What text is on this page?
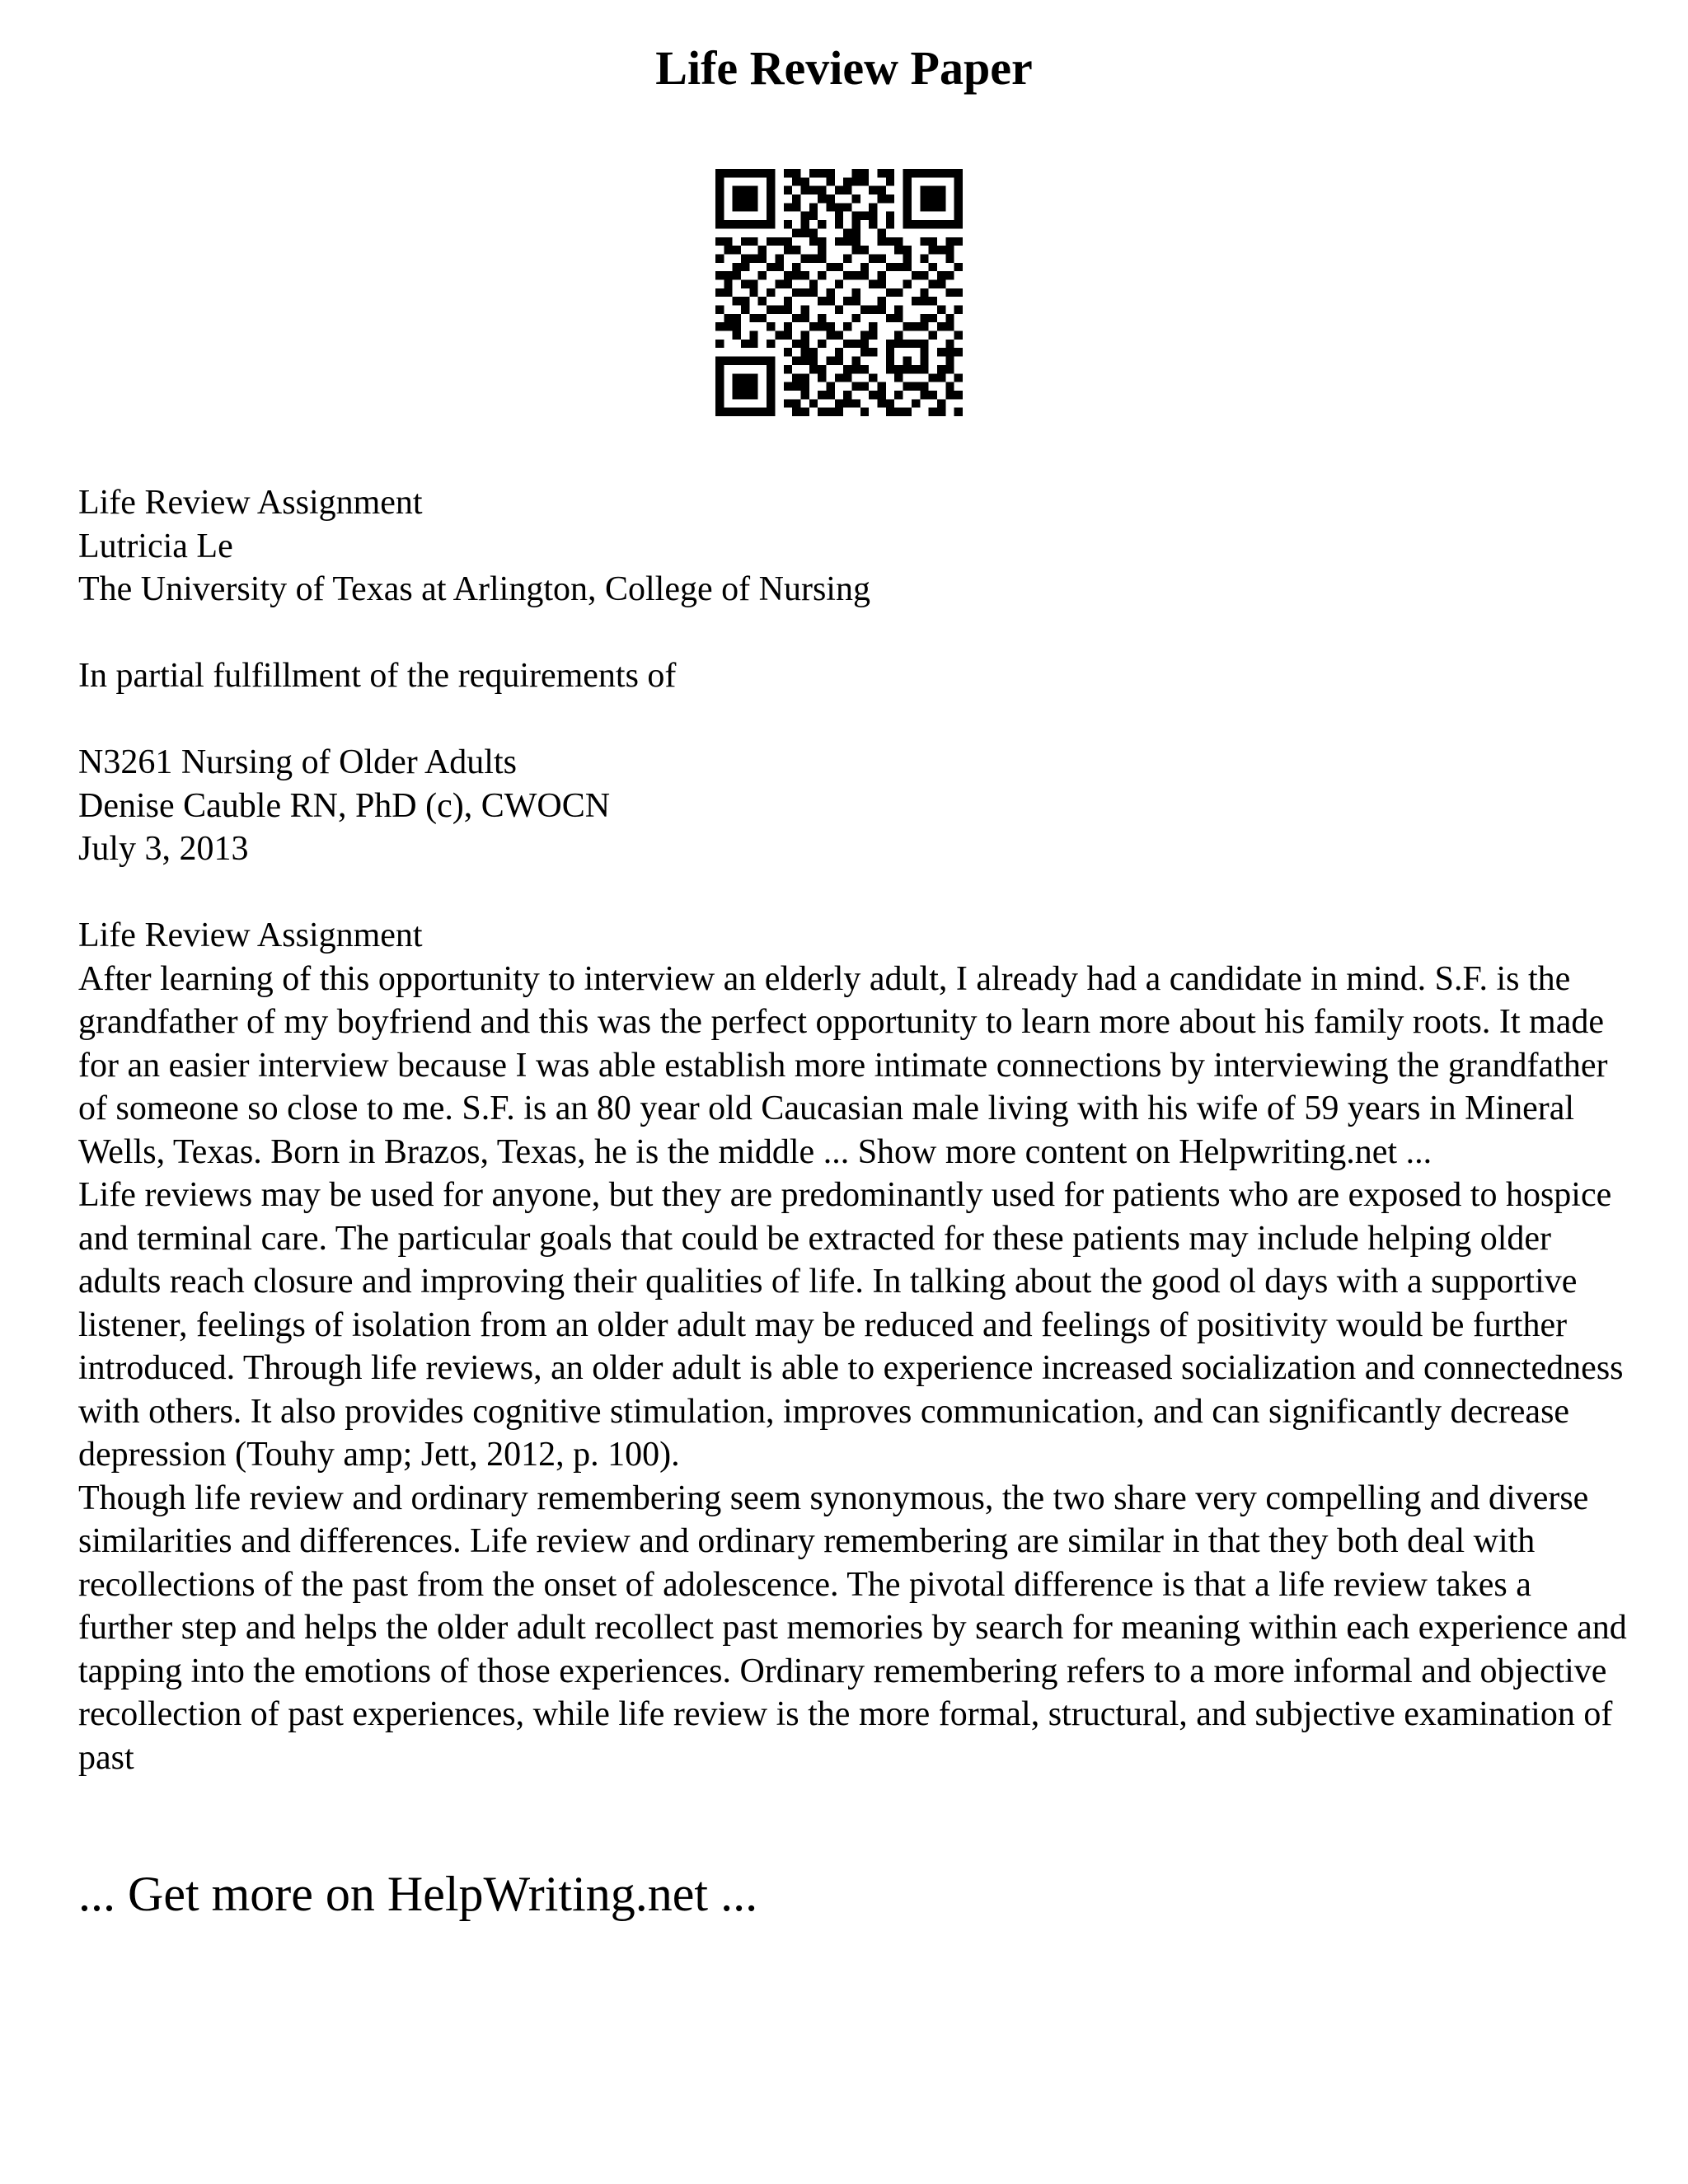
Life Review Paper
Life Review Assignment
Lutricia Le
The University of Texas at Arlington, College of Nursing
In partial fulfillment of the requirements of
N3261 Nursing of Older Adults
Denise Cauble RN, PhD (c), CWOCN
July 3, 2013
Life Review Assignment

After learning of this opportunity to interview an elderly adult, I already had a candidate in mind. S.F. is the grandfather of my boyfriend and this was the perfect opportunity to learn more about his family roots. It made for an easier interview because I was able establish more intimate connections by interviewing the grandfather of someone so close to me. S.F. is an 80 year old Caucasian male living with his wife of 59 years in Mineral Wells, Texas. Born in Brazos, Texas, he is the middle ... Show more content on Helpwriting.net ...

Life reviews may be used for anyone, but they are predominantly used for patients who are exposed to hospice and terminal care. The particular goals that could be extracted for these patients may include helping older adults reach closure and improving their qualities of life. In talking about the good ol days with a supportive listener, feelings of isolation from an older adult may be reduced and feelings of positivity would be further introduced. Through life reviews, an older adult is able to experience increased socialization and connectedness with others. It also provides cognitive stimulation, improves communication, and can significantly decrease depression (Touhy amp; Jett, 2012, p. 100).

Though life review and ordinary remembering seem synonymous, the two share very compelling and diverse similarities and differences. Life review and ordinary remembering are similar in that they both deal with recollections of the past from the onset of adolescence. The pivotal difference is that a life review takes a further step and helps the older adult recollect past memories by search for meaning within each experience and tapping into the emotions of those experiences. Ordinary remembering refers to a more informal and objective recollection of past experiences, while life review is the more formal, structural, and subjective examination of past

... Get more on HelpWriting.net ...
